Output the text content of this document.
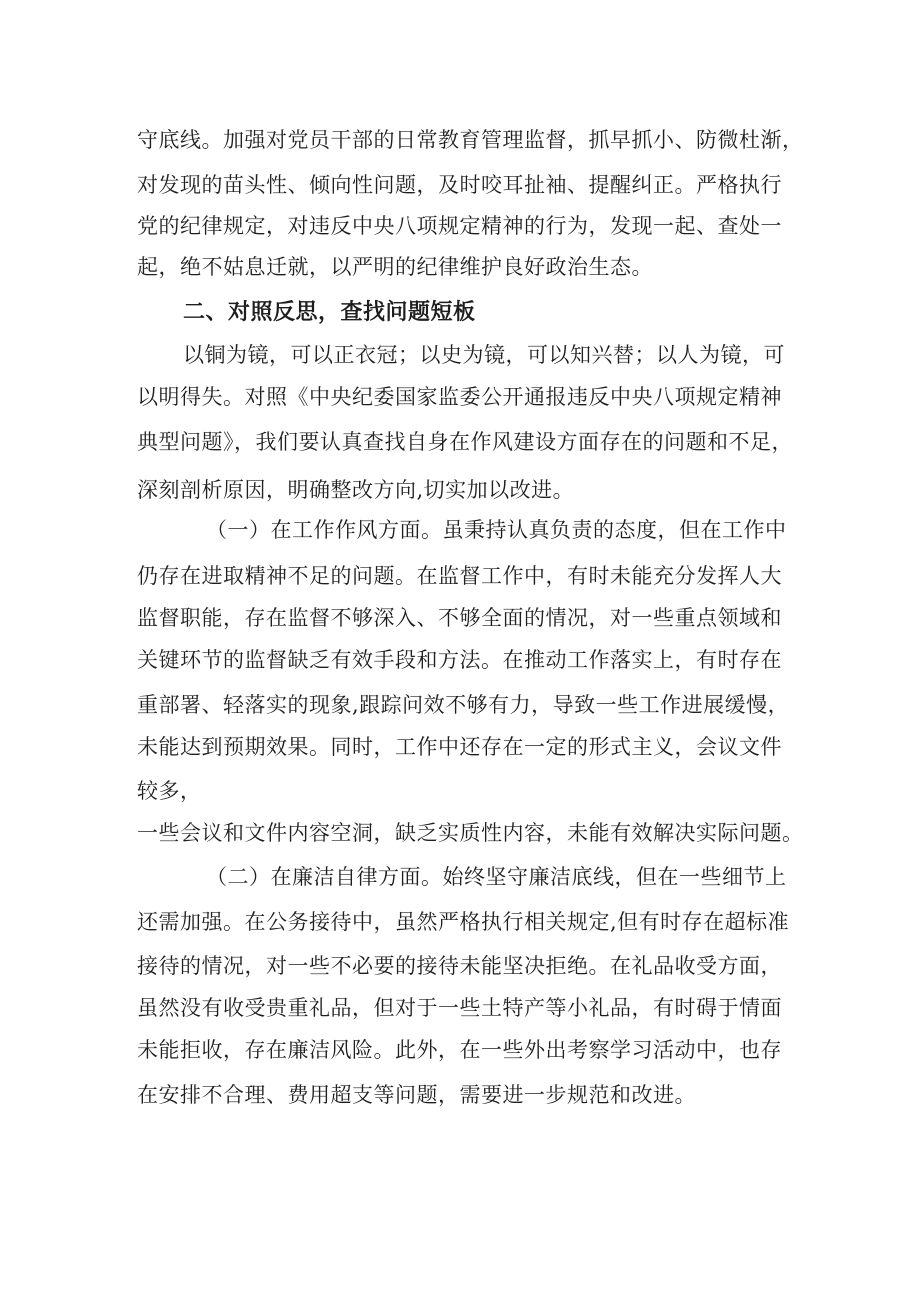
守底线。加强对党员干部的日常教育管理监督，抓早抓小、防微杜渐，
对发现的苗头性、倾向性问题，及时咬耳扯袖、提醒纠正。严格执行
党的纪律规定，对违反中央八项规定精神的行为，发现一起、查处一
起，绝不姑息迁就，以严明的纪律维护良好政治生态。
二、对照反思，查找问题短板
以铜为镜，可以正衣冠；以史为镜，可以知兴替；以人为镜，可
以明得失。对照《中央纪委国家监委公开通报违反中央八项规定精神
典型问题》，我们要认真查找自身在作风建设方面存在的问题和不足，
深刻剖析原因，明确整改方向,切实加以改进。
（一）在工作作风方面。虽秉持认真负责的态度，但在工作中
仍存在进取精神不足的问题。在监督工作中，有时未能充分发挥人大
监督职能，存在监督不够深入、不够全面的情况，对一些重点领域和
关键环节的监督缺乏有效手段和方法。在推动工作落实上，有时存在
重部署、轻落实的现象,跟踪问效不够有力，导致一些工作进展缓慢，
未能达到预期效果。同时，工作中还存在一定的形式主义，会议文件
较多，
一些会议和文件内容空洞，缺乏实质性内容，未能有效解决实际问题。
（二）在廉洁自律方面。始终坚守廉洁底线，但在一些细节上
还需加强。在公务接待中，虽然严格执行相关规定,但有时存在超标准
接待的情况，对一些不必要的接待未能坚决拒绝。在礼品收受方面，
虽然没有收受贵重礼品，但对于一些土特产等小礼品，有时碍于情面
未能拒收，存在廉洁风险。此外，在一些外出考察学习活动中，也存
在安排不合理、费用超支等问题，需要进一步规范和改进。
